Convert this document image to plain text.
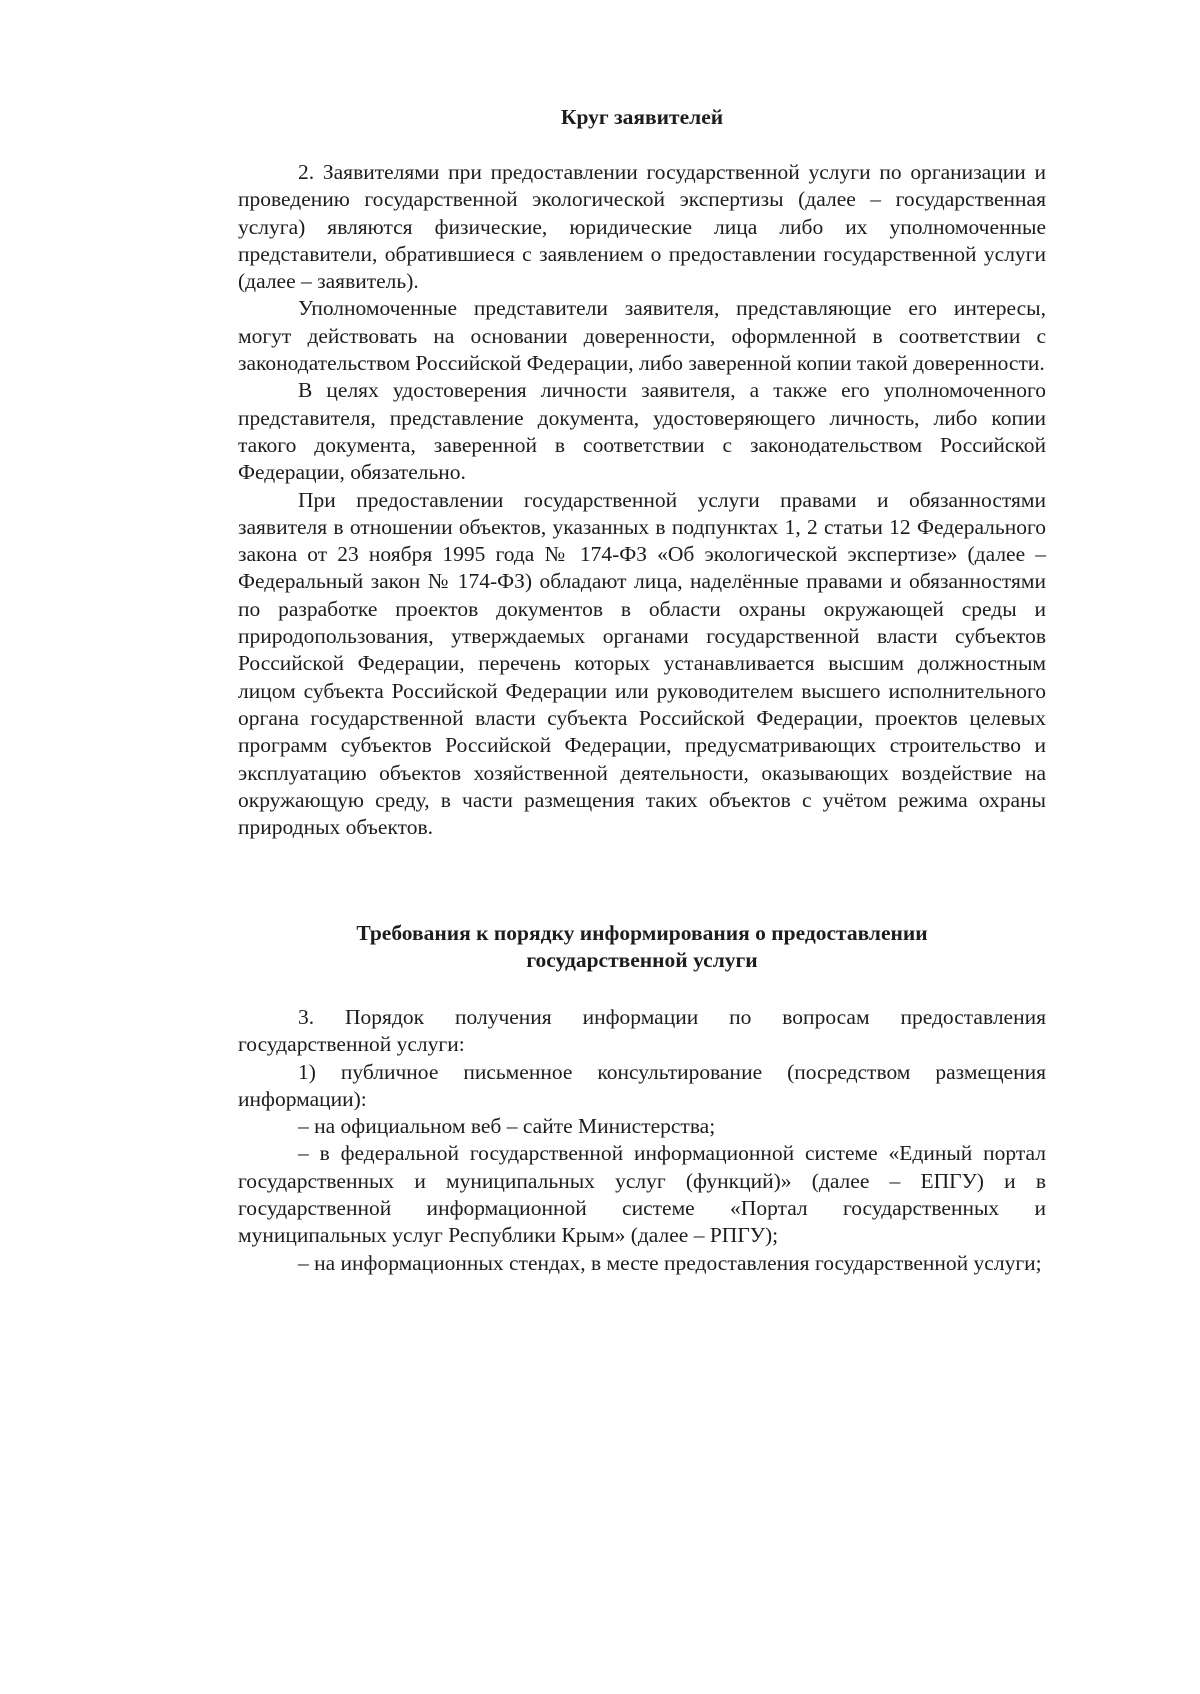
Круг заявителей

2. Заявителями при предоставлении государственной услуги по организации и проведению государственной экологической экспертизы (далее – государственная услуга) являются физические, юридические лица либо их уполномоченные представители, обратившиеся с заявлением о предоставлении государственной услуги (далее – заявитель).

Уполномоченные представители заявителя, представляющие его интересы, могут действовать на основании доверенности, оформленной в соответствии с законодательством Российской Федерации, либо заверенной копии такой доверенности.

В целях удостоверения личности заявителя, а также его уполномоченного представителя, представление документа, удостоверяющего личность, либо копии такого документа, заверенной в соответствии с законодательством Российской Федерации, обязательно.

При предоставлении государственной услуги правами и обязанностями заявителя в отношении объектов, указанных в подпунктах 1, 2 статьи 12 Федерального закона от 23 ноября 1995 года № 174-ФЗ «Об экологической экспертизе» (далее – Федеральный закон № 174-ФЗ) обладают лица, наделённые правами и обязанностями по разработке проектов документов в области охраны окружающей среды и природопользования, утверждаемых органами государственной власти субъектов Российской Федерации, перечень которых устанавливается высшим должностным лицом субъекта Российской Федерации или руководителем высшего исполнительного органа государственной власти субъекта Российской Федерации, проектов целевых программ субъектов Российской Федерации, предусматривающих строительство и эксплуатацию объектов хозяйственной деятельности, оказывающих воздействие на окружающую среду, в части размещения таких объектов с учётом режима охраны природных объектов.

Требования к порядку информирования о предоставлении
государственной услуги

3. Порядок получения информации по вопросам предоставления государственной услуги:

1) публичное письменное консультирование (посредством размещения информации):

– на официальном веб – сайте Министерства;

– в федеральной государственной информационной системе «Единый портал государственных и муниципальных услуг (функций)» (далее – ЕПГУ) и в государственной информационной системе «Портал государственных и муниципальных услуг Республики Крым» (далее – РПГУ);

– на информационных стендах, в месте предоставления государственной услуги;
